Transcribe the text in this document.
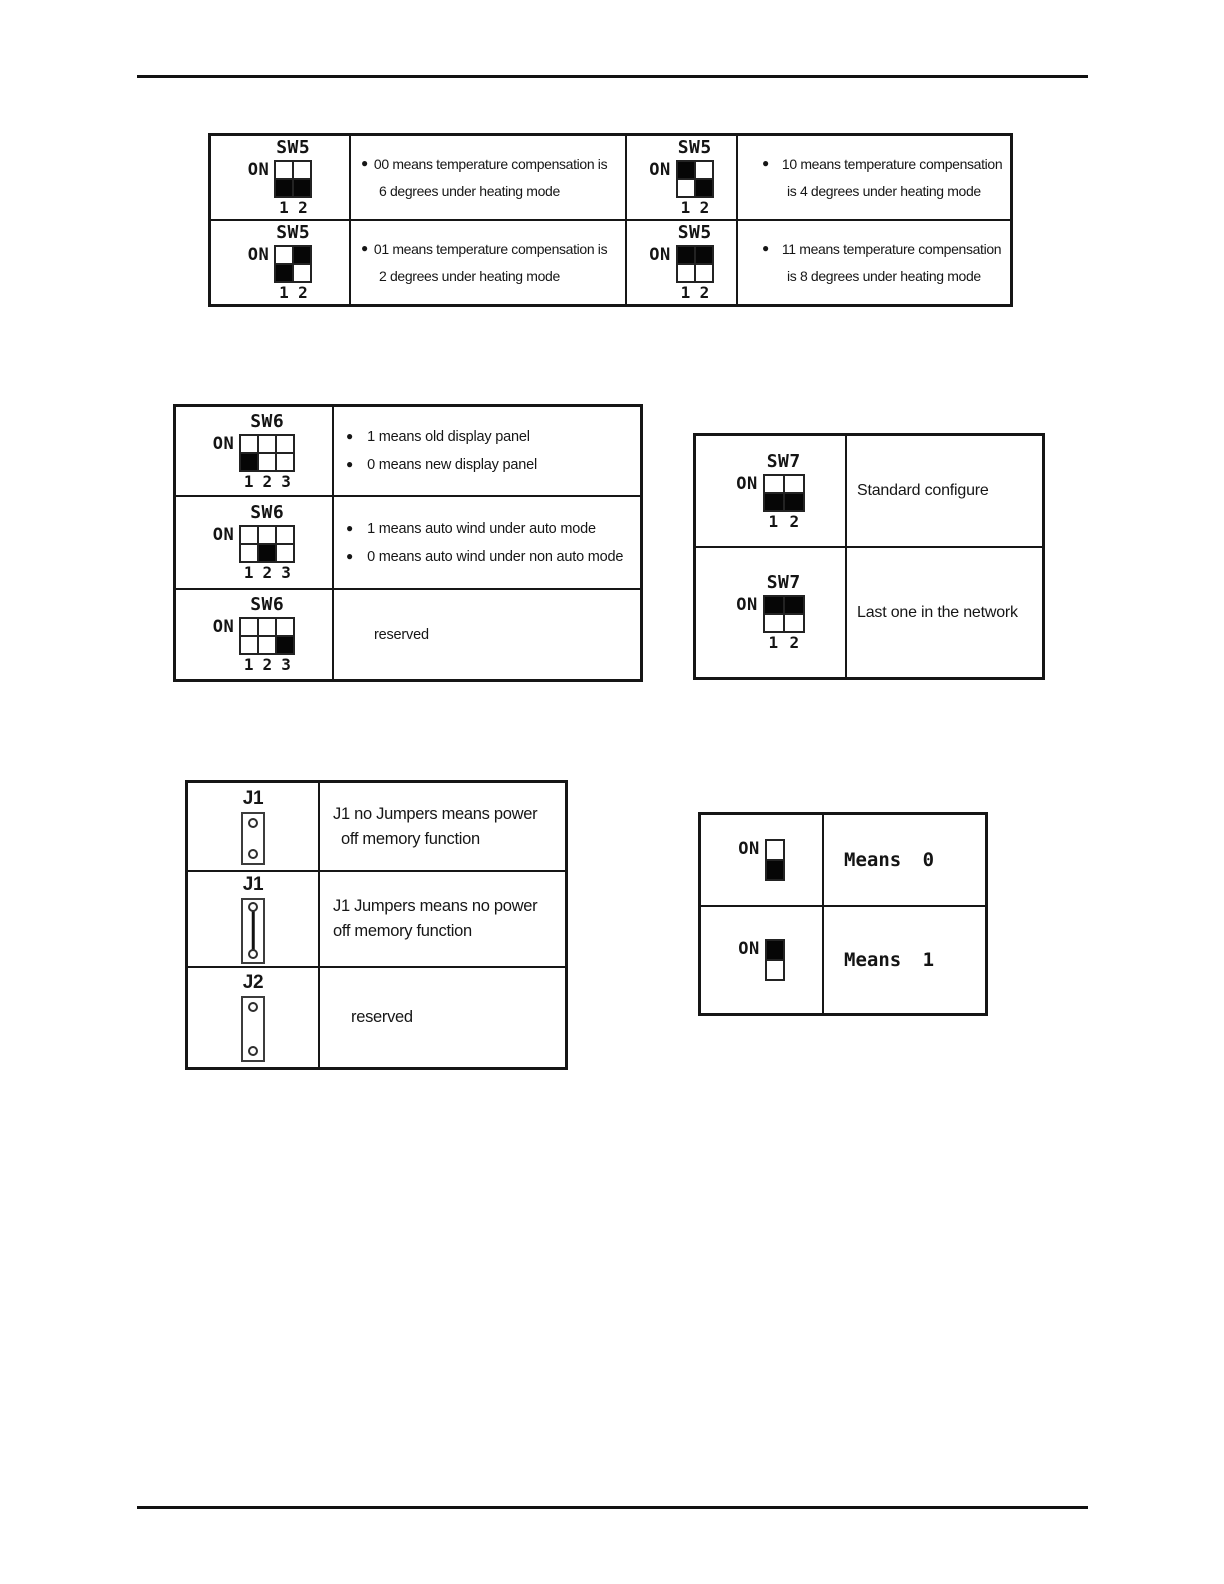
SW5
ON
1 2
● 00 means temperature compensation is
6 degrees under heating mode
SW5
ON
1 2
● 10 means temperature compensation
is 4 degrees under heating mode
SW5
ON
1 2
● 01 means temperature compensation is
2 degrees under heating mode
SW5
ON
1 2
● 11 means temperature compensation
is 8 degrees under heating mode
SW6
ON
1 2 3
● 1 means old display panel
● 0 means new display panel
SW6
ON
1 2 3
● 1 means auto wind under auto mode
● 0 means auto wind under non auto mode
SW6
ON
1 2 3
reserved
SW7
ON
1 2
Standard configure
SW7
ON
1 2
Last one in the network
J1
J1 no Jumpers means power
off memory function
J1
J1 Jumpers means no power
off memory function
J2
reserved
ON	Means 0
ON	Means 1
